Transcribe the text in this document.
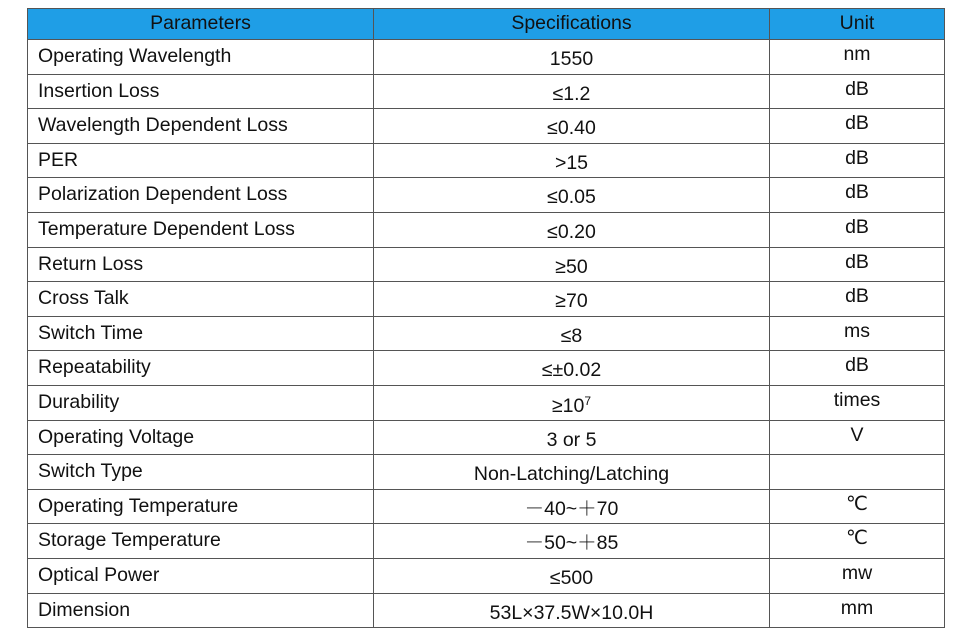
Parameters	Specifications	Unit
Operating Wavelength	1550	nm
Insertion Loss	≤1.2	dB
Wavelength Dependent Loss	≤0.40	dB
PER	>15	dB
Polarization Dependent Loss	≤0.05	dB
Temperature Dependent Loss	≤0.20	dB
Return Loss	≥50	dB
Cross Talk	≥70	dB
Switch Time	≤8	ms
Repeatability	≤±0.02	dB
Durability	$\ge 10^7$	times
Operating Voltage	3 or 5	V
Switch Type	Non-Latching/Latching	
Operating Temperature	－40~＋70	℃
Storage Temperature	－50~＋85	℃
Optical Power	≤500	mw
Dimension	53L×37.5W×10.0H	mm
